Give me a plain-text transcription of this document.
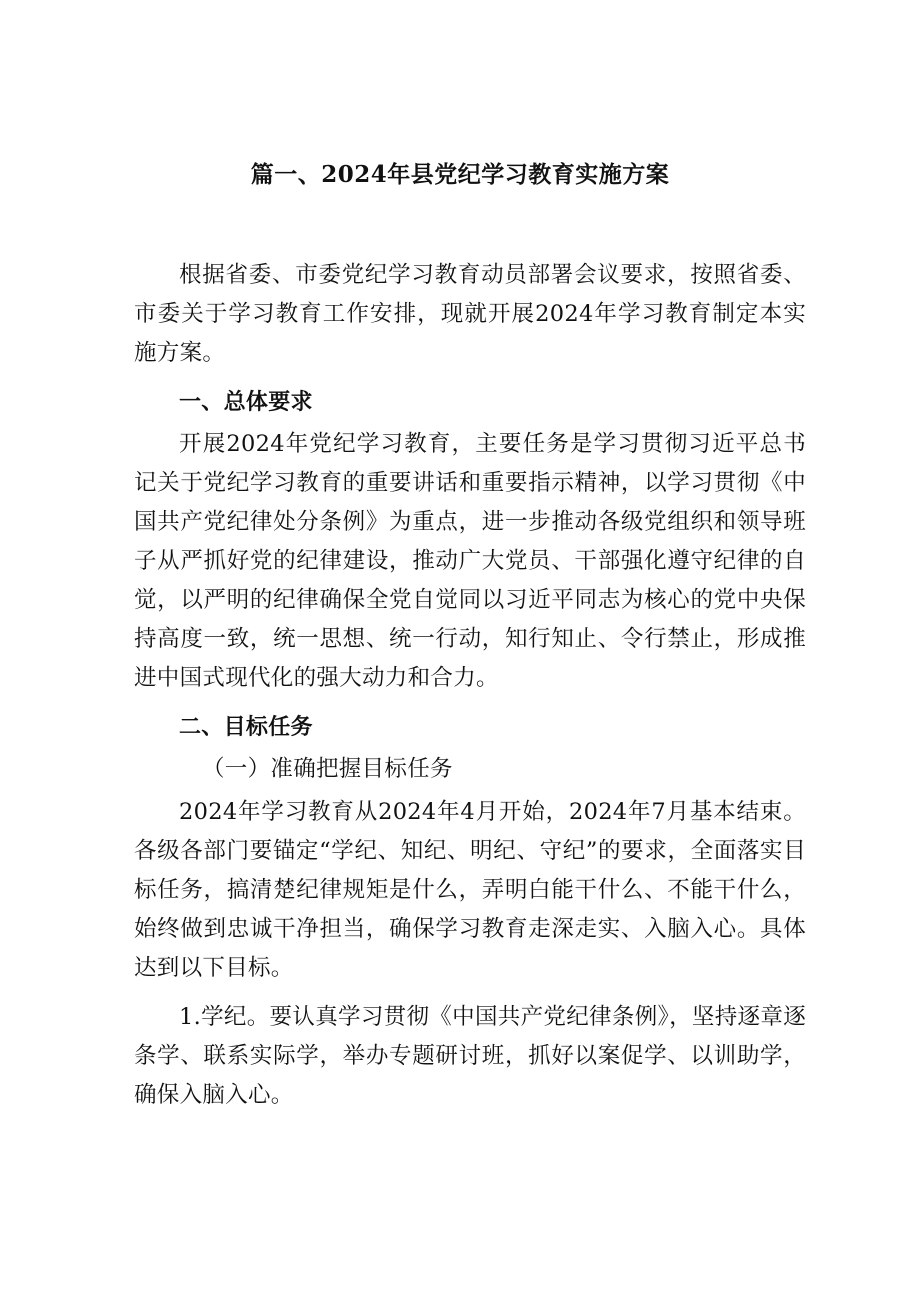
篇一、2024年县党纪学习教育实施方案

根据省委、市委党纪学习教育动员部署会议要求，按照省委、市委关于学习教育工作安排，现就开展2024年学习教育制定本实施方案。

一、总体要求

开展2024年党纪学习教育，主要任务是学习贯彻习近平总书记关于党纪学习教育的重要讲话和重要指示精神，以学习贯彻《中国共产党纪律处分条例》为重点，进一步推动各级党组织和领导班子从严抓好党的纪律建设，推动广大党员、干部强化遵守纪律的自觉，以严明的纪律确保全党自觉同以习近平同志为核心的党中央保持高度一致，统一思想、统一行动，知行知止、令行禁止，形成推进中国式现代化的强大动力和合力。

二、目标任务

（一）准确把握目标任务

2024年学习教育从2024年4月开始，2024年7月基本结束。各级各部门要锚定“学纪、知纪、明纪、守纪”的要求，全面落实目标任务，搞清楚纪律规矩是什么，弄明白能干什么、不能干什么，始终做到忠诚干净担当，确保学习教育走深走实、入脑入心。具体达到以下目标。

1.学纪。要认真学习贯彻《中国共产党纪律条例》，坚持逐章逐条学、联系实际学，举办专题研讨班，抓好以案促学、以训助学，确保入脑入心。
